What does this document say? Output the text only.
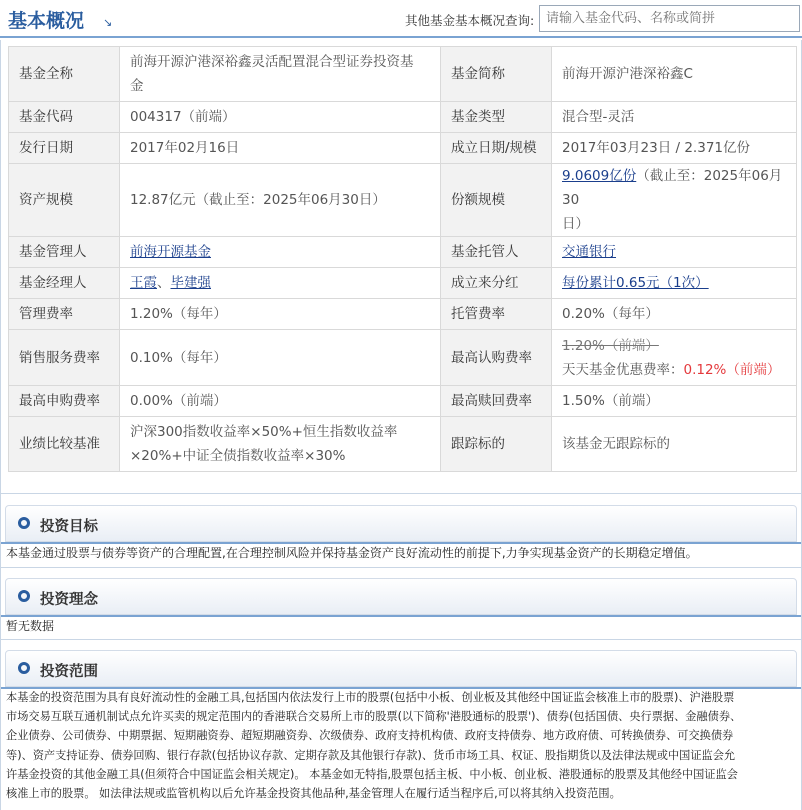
基本概况 ↘	其他基金基本概况查询:
请输入基金代码、名称或简拼
基金全称	前海开源沪港深裕鑫灵活配置混合型证券投资基
金	基金简称	前海开源沪港深裕鑫C
基金代码	004317（前端）	基金类型	混合型-灵活
发行日期	2017年02月16日	成立日期/规模	2017年03月23日 / 2.371亿份
资产规模	12.87亿元（截止至：2025年06月30日）	份额规模	9.0609亿份（截止至：2025年06月30
日）
基金管理人	前海开源基金	基金托管人	交通银行
基金经理人	王霞、毕建强	成立来分红	每份累计0.65元（1次）
管理费率	1.20%（每年）	托管费率	0.20%（每年）
销售服务费率	0.10%（每年）	最高认购费率	1.20%（前端）
天天基金优惠费率：0.12%（前端）
最高申购费率	0.00%（前端）	最高赎回费率	1.50%（前端）
业绩比较基准	沪深300指数收益率×50%+恒生指数收益率
×20%+中证全债指数收益率×30%	跟踪标的	该基金无跟踪标的
投资目标
本基金通过股票与债券等资产的合理配置,在合理控制风险并保持基金资产良好流动性的前提下,力争实现基金资产的长期稳定增值。
投资理念
暂无数据
投资范围
本基金的投资范围为具有良好流动性的金融工具,包括国内依法发行上市的股票(包括中小板、创业板及其他经中国证监会核准上市的股票)、沪港股票
市场交易互联互通机制试点允许买卖的规定范围内的香港联合交易所上市的股票(以下简称'港股通标的股票')、债券(包括国债、央行票据、金融债券、
企业债券、公司债券、中期票据、短期融资券、超短期融资券、次级债券、政府支持机构债、政府支持债券、地方政府债、可转换债券、可交换债券
等)、资产支持证券、债券回购、银行存款(包括协议存款、定期存款及其他银行存款)、货币市场工具、权证、股指期货以及法律法规或中国证监会允
许基金投资的其他金融工具(但须符合中国证监会相关规定)。 本基金如无特指,股票包括主板、中小板、创业板、港股通标的股票及其他经中国证监会
核准上市的股票。 如法律法规或监管机构以后允许基金投资其他品种,基金管理人在履行适当程序后,可以将其纳入投资范围。
